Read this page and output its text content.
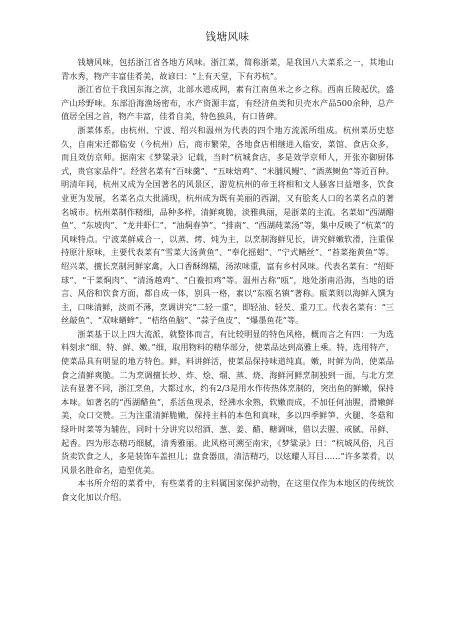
钱塘风味

钱塘风味，包括浙江省各地方风味。浙江菜，简称浙菜，是我国八大菜系之一，其地山青水秀，物产丰富佳肴美，故谚曰：“上有天堂，下有苏杭”。

浙江省位于我国东海之滨，北部水道成网，素有江南鱼米之乡之称。西南丘陵起伏，盛产山珍野味。东部沿海渔场密布，水产资源丰富，有经济鱼类和贝壳水产品500余种，总产值居全国之首，物产丰富，佳肴自美，特色独具，有口皆碑。

浙菜体系，由杭州、宁波、绍兴和温州为代表的四个地方流派所组成。杭州菜历史悠久，自南宋迁都临安（今杭州）后，商市繁荣，各地食店相继进入临安，菜馆、食店众多，而且效仿京师。据南宋《梦粱录》记载，当时“杭城食店，多是效学京师人，开张亦御厨体式，贵官家品件”。经营名菜有“百味羹”、“五味焙鸡”、“米脯风鳗”、“酒蒸鲥鱼”等近百种。明清年间，杭州又成为全国著名的风景区，游览杭州的帝王将相和文人骚客日益增多，饮食业更为发展，名菜名点大批涌现，杭州成为既有美丽的西湖，又有脍炙人口的名菜名点的著名城市。杭州菜制作精细，品种多样，清鲜爽脆，淡雅典丽，是浙菜的主流。名菜如“西湖醋鱼”、“东坡肉”、“龙井虾仁”、“油焖春笋”、“排南”、“西湖莼菜汤”等，集中反映了“杭菜”的风味特点。宁波菜鲜咸合一，以蒸、烤、炖为主，以烹制海鲜见长，讲究鲜嫩软滑，注重保持原汁原味，主要代表菜有“雪菜大汤黄鱼”、“奉化摇蚶”、“宁式鳝丝”、“苔菜拖黄鱼”等。绍兴菜，擅长烹制河鲜家禽，入口香酥绵糯，汤浓味重，富有乡村风味。代表名菜有：“绍虾球”、“干菜焖肉”、“清汤越鸡”、“白鲞扣鸡”等。温州古称“瓯”，地处浙南沿海，当地的语言、风俗和饮食方面，都自成一体，别具一格，素以“东瓯名镇”著称。瓯菜则以海鲜入馔为主，口味清鲜，淡而不薄，烹调讲究“二轻一重”，即轻油、轻芡、重刀工。代表名菜有：“三丝敲鱼”、“双味蝤蛑”、“桔络鱼脑”、“蒜子鱼皮”、“爆墨鱼花”等。

浙菜基于以上四大流派，就整体而言，有比较明显的特色风格，概而言之有四：一为选料刻求“细、特、鲜、嫩。”细，取用物料的精华部分，使菜品达到高雅上乘。特，选用特产，使菜品具有明显的地方特色。鲜，料讲鲜活，使菜品保持味道纯真。嫩，时鲜为尚，使菜品食之清鲜爽脆。二为烹调擅长炒、炸、烩、熘、蒸、烧、海鲜河鲜烹制独到一面，与北方烹法有显著不同，浙江烹鱼，大都过水，约有2/3是用水作传热体烹制的，突出鱼的鲜嫩，保持本味。如著名的“西湖醋鱼”，系活鱼现杀，经沸水氽熟，软嫩而成，不加任何油腥，滑嫩鲜美，众口交赞。三为注重清鲜脆嫩，保持主料的本色和真味，多以四季鲜笋、火腿、冬菇和绿叶时菜等为辅佐，同时十分讲究以绍酒、葱、姜、醋、糖调味，借以去腥、戒腻、吊鲜、起香。四为形态精巧细腻，清秀雅丽。此风格可溯至南宋，《梦粱录》曰：“杭城风俗，凡百货卖饮食之人，多是装饰车盖担儿；盘食器皿，清洁精巧，以炫耀人耳目……”许多菜肴，以风景名胜命名，造型优美。

本书所介绍的菜肴中，有些菜肴的主料属国家保护动物，在这里仅作为本地区的传统饮食文化加以介绍。
